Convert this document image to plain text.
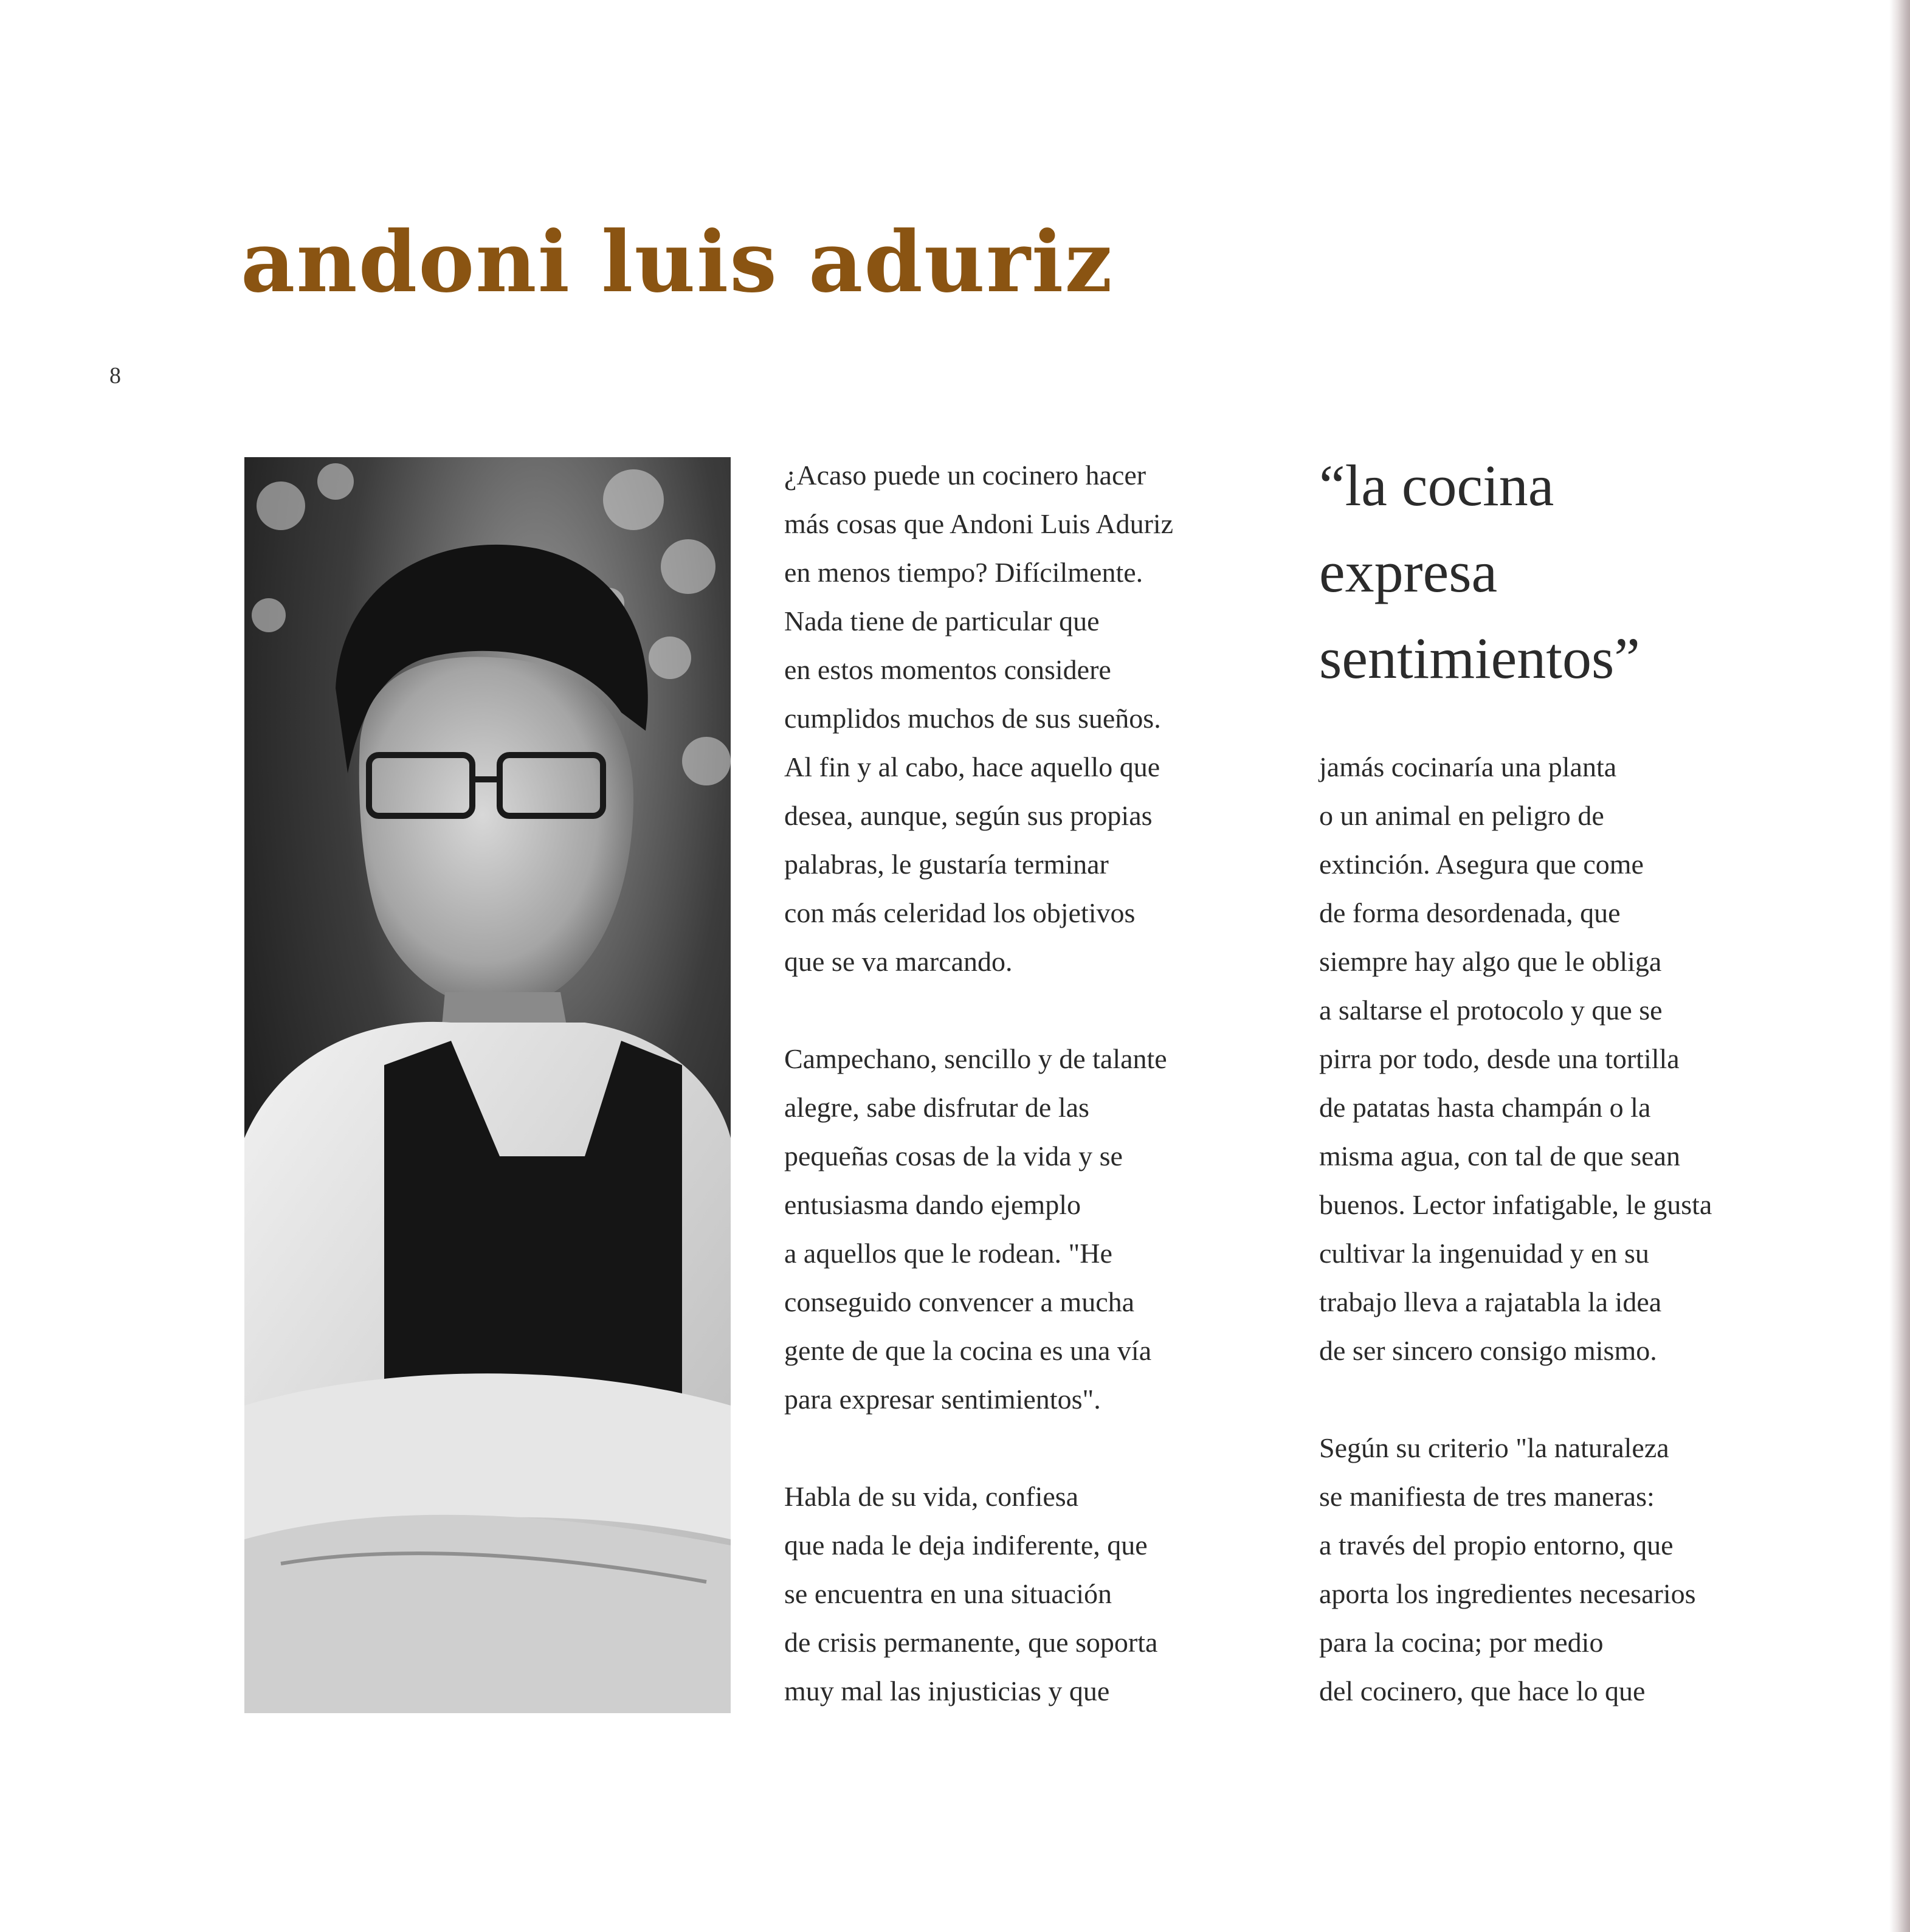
andoni luis aduriz
8

¿Acaso puede un cocinero hacer

más cosas que Andoni Luis Aduriz

en menos tiempo? Difícilmente.

Nada tiene de particular que

en estos momentos considere

cumplidos muchos de sus sueños.

Al fin y al cabo, hace aquello que

desea, aunque, según sus propias

palabras, le gustaría terminar

con más celeridad los objetivos

que se va marcando.

Campechano, sencillo y de talante

alegre, sabe disfrutar de las

pequeñas cosas de la vida y se

entusiasma dando ejemplo

a aquellos que le rodean. "He

conseguido convencer a mucha

gente de que la cocina es una vía

para expresar sentimientos".

Habla de su vida, confiesa

que nada le deja indiferente, que

se encuentra en una situación

de crisis permanente, que soporta

muy mal las injusticias y que

“la cocina

expresa

sentimientos”

jamás cocinaría una planta

o un animal en peligro de

extinción. Asegura que come

de forma desordenada, que

siempre hay algo que le obliga

a saltarse el protocolo y que se

pirra por todo, desde una tortilla

de patatas hasta champán o la

misma agua, con tal de que sean

buenos. Lector infatigable, le gusta

cultivar la ingenuidad y en su

trabajo lleva a rajatabla la idea

de ser sincero consigo mismo.

Según su criterio "la naturaleza

se manifiesta de tres maneras:

a través del propio entorno, que

aporta los ingredientes necesarios

para la cocina; por medio

del cocinero, que hace lo que
